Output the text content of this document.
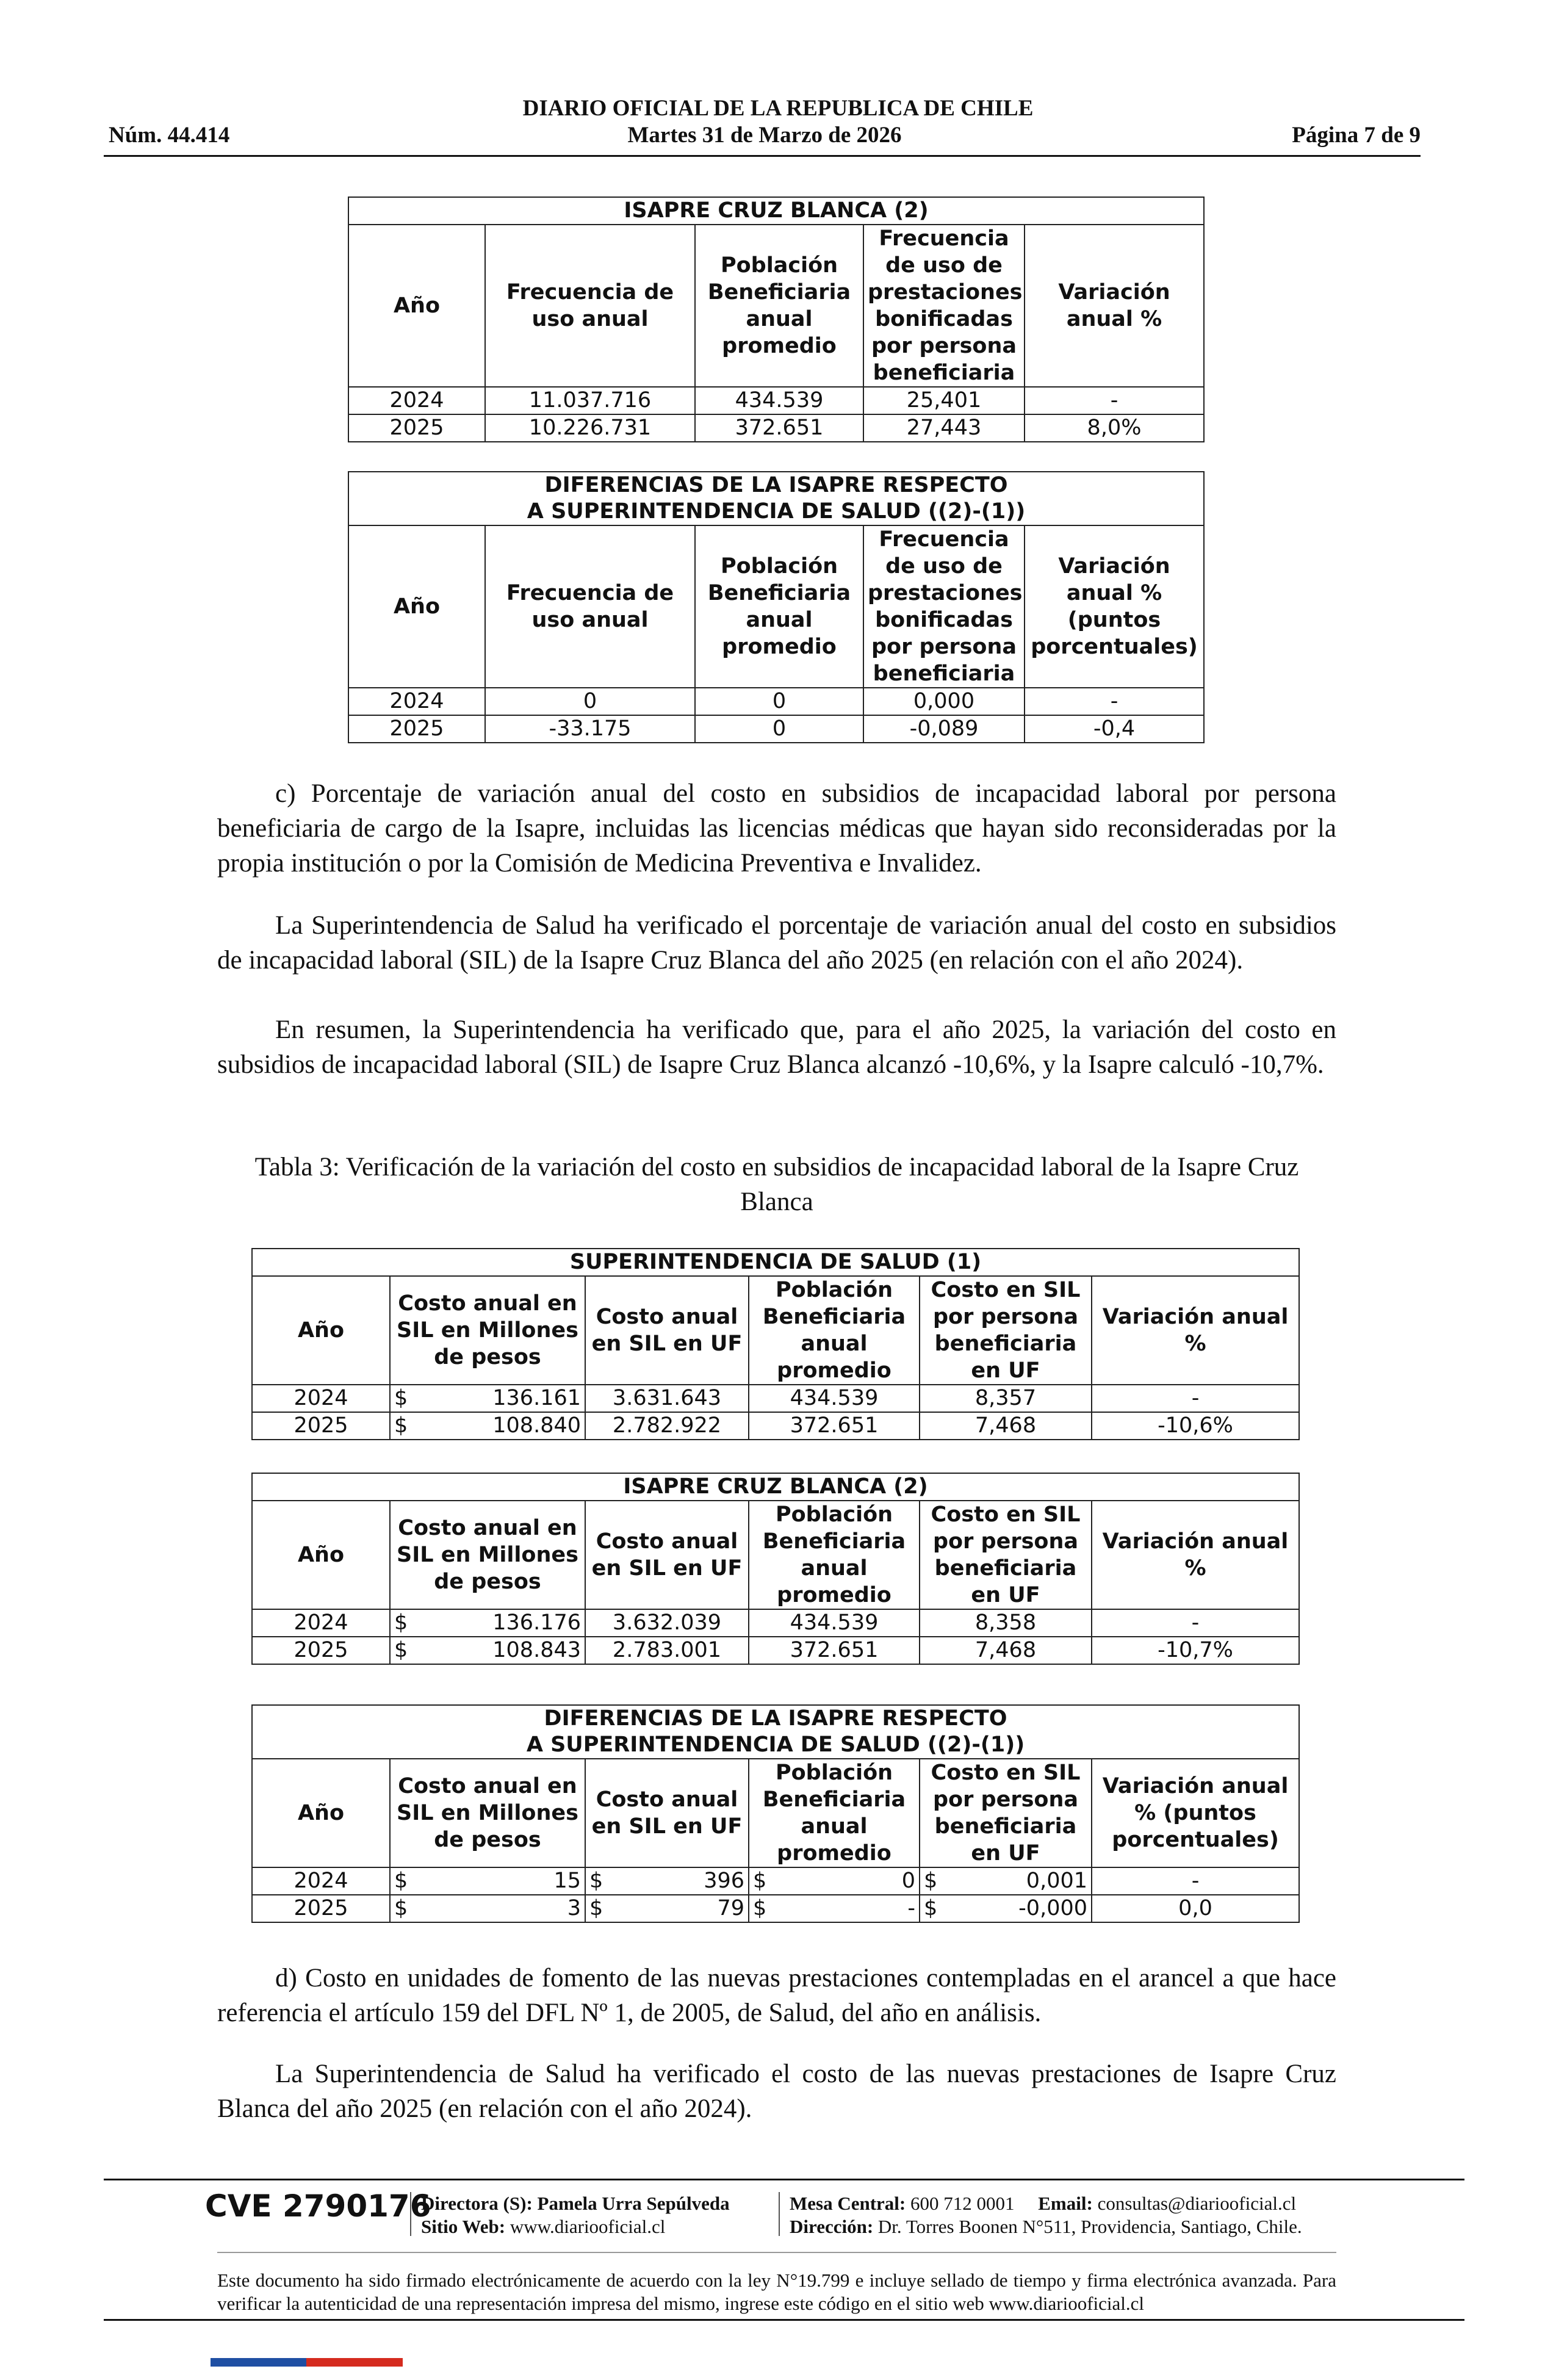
DIARIO OFICIAL DE LA REPUBLICA DE CHILE
Núm. 44.414	Martes 31 de Marzo de 2026	Página 7 de 9
ISAPRE CRUZ BLANCA (2)				
Año	Frecuencia de uso anual	Población Beneficiaria anual promedio	Frecuencia de uso de prestaciones bonificadas por persona beneficiaria	Variación anual %
2024	11.037.716	434.539	25,401	-
2025	10.226.731	372.651	27,443	8,0%
DIFERENCIAS DE LA ISAPRE RESPECTO
A SUPERINTENDENCIA DE SALUD ((2)-(1))				
Año	Frecuencia de uso anual	Población Beneficiaria anual promedio	Frecuencia de uso de prestaciones bonificadas por persona beneficiaria	Variación anual % (puntos porcentuales)
2024	0	0	0,000	-
2025	-33.175	0	-0,089	-0,4
c) Porcentaje de variación anual del costo en subsidios de incapacidad laboral por persona beneficiaria de cargo de la Isapre, incluidas las licencias médicas que hayan sido reconsideradas por la propia institución o por la Comisión de Medicina Preventiva e Invalidez.
La Superintendencia de Salud ha verificado el porcentaje de variación anual del costo en subsidios de incapacidad laboral (SIL) de la Isapre Cruz Blanca del año 2025 (en relación con el año 2024).
En resumen, la Superintendencia ha verificado que, para el año 2025, la variación del costo en subsidios de incapacidad laboral (SIL) de Isapre Cruz Blanca alcanzó -10,6%, y la Isapre calculó -10,7%.
Tabla 3: Verificación de la variación del costo en subsidios de incapacidad laboral de la Isapre Cruz Blanca
SUPERINTENDENCIA DE SALUD (1)						
Año	Costo anual en SIL en Millones de pesos		Costo anual en SIL en UF	Población Beneficiaria anual promedio	Costo en SIL por persona beneficiaria en UF	Variación anual %
2024	$	136.161	3.631.643	434.539	8,357	-
2025	$	108.840	2.782.922	372.651	7,468	-10,6%
ISAPRE CRUZ BLANCA (2)						
Año	Costo anual en SIL en Millones de pesos		Costo anual en SIL en UF	Población Beneficiaria anual promedio	Costo en SIL por persona beneficiaria en UF	Variación anual %
2024	$	136.176	3.632.039	434.539	8,358	-
2025	$	108.843	2.783.001	372.651	7,468	-10,7%
DIFERENCIAS DE LA ISAPRE RESPECTO
A SUPERINTENDENCIA DE SALUD ((2)-(1))						
Año	Costo anual en SIL en Millones de pesos		Costo anual en SIL en UF	Población Beneficiaria anual promedio	Costo en SIL por persona beneficiaria en UF	Variación anual % (puntos porcentuales)
2024	$	15	$ 396	$ 0	$ 0,001	-
2025	$	3	$ 79	$ -	$ -0,000	0,0
d) Costo en unidades de fomento de las nuevas prestaciones contempladas en el arancel a que hace referencia el artículo 159 del DFL Nº 1, de 2005, de Salud, del año en análisis.
La Superintendencia de Salud ha verificado el costo de las nuevas prestaciones de Isapre Cruz Blanca del año 2025 (en relación con el año 2024).
CVE 2790176
Directora (S): Pamela Urra Sepúlveda
Sitio Web: www.diariooficial.cl
Mesa Central: 600 712 0001 Email: consultas@diariooficial.cl
Dirección: Dr. Torres Boonen N°511, Providencia, Santiago, Chile.
Este documento ha sido firmado electrónicamente de acuerdo con la ley N°19.799 e incluye sellado de tiempo y firma electrónica avanzada. Para verificar la autenticidad de una representación impresa del mismo, ingrese este código en el sitio web www.diariooficial.cl
